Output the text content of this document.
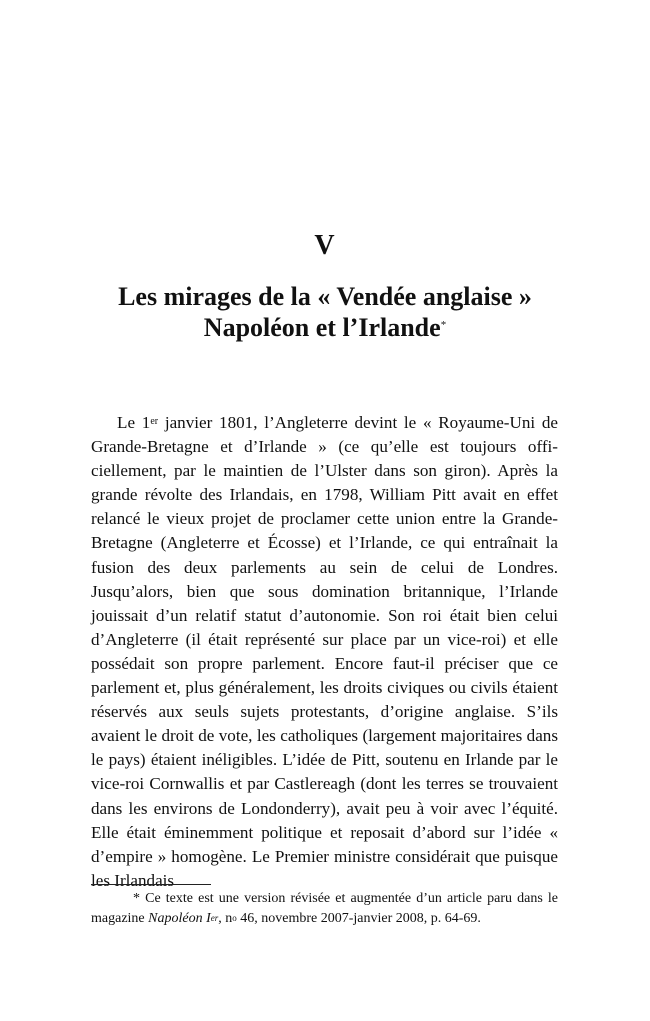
V
Les mirages de la « Vendée anglaise »
Napoléon et l’Irlande*

Le 1er janvier 1801, l’Angleterre devint le « Royaume-Uni de Grande-Bretagne et d’Irlande » (ce qu’elle est toujours officiellement, par le maintien de l’Ulster dans son giron). Après la grande révolte des Irlandais, en 1798, William Pitt avait en effet relancé le vieux projet de proclamer cette union entre la Grande-Bretagne (Angleterre et Écosse) et l’Irlande, ce qui entraînait la fusion des deux parlements au sein de celui de Londres. Jusqu’alors, bien que sous domination britannique, l’Irlande jouissait d’un relatif statut d’autonomie. Son roi était bien celui d’Angleterre (il était représenté sur place par un vice-roi) et elle possédait son propre parlement. Encore faut-il préciser que ce parlement et, plus généralement, les droits civiques ou civils étaient réservés aux seuls sujets protestants, d’origine anglaise. S’ils avaient le droit de vote, les catholiques (largement majoritaires dans le pays) étaient inéligibles. L’idée de Pitt, soutenu en Irlande par le vice-roi Cornwallis et par Castlereagh (dont les terres se trouvaient dans les environs de Londonderry), avait peu à voir avec l’équité. Elle était éminemment politique et reposait d’abord sur l’idée « d’empire » homogène. Le Premier ministre considérait que puisque les Irlandais

* Ce texte est une version révisée et augmentée d’un article paru dans le magazine Napoléon Ier, $n^o$ 46, novembre 2007-janvier 2008, p. 64-69.
